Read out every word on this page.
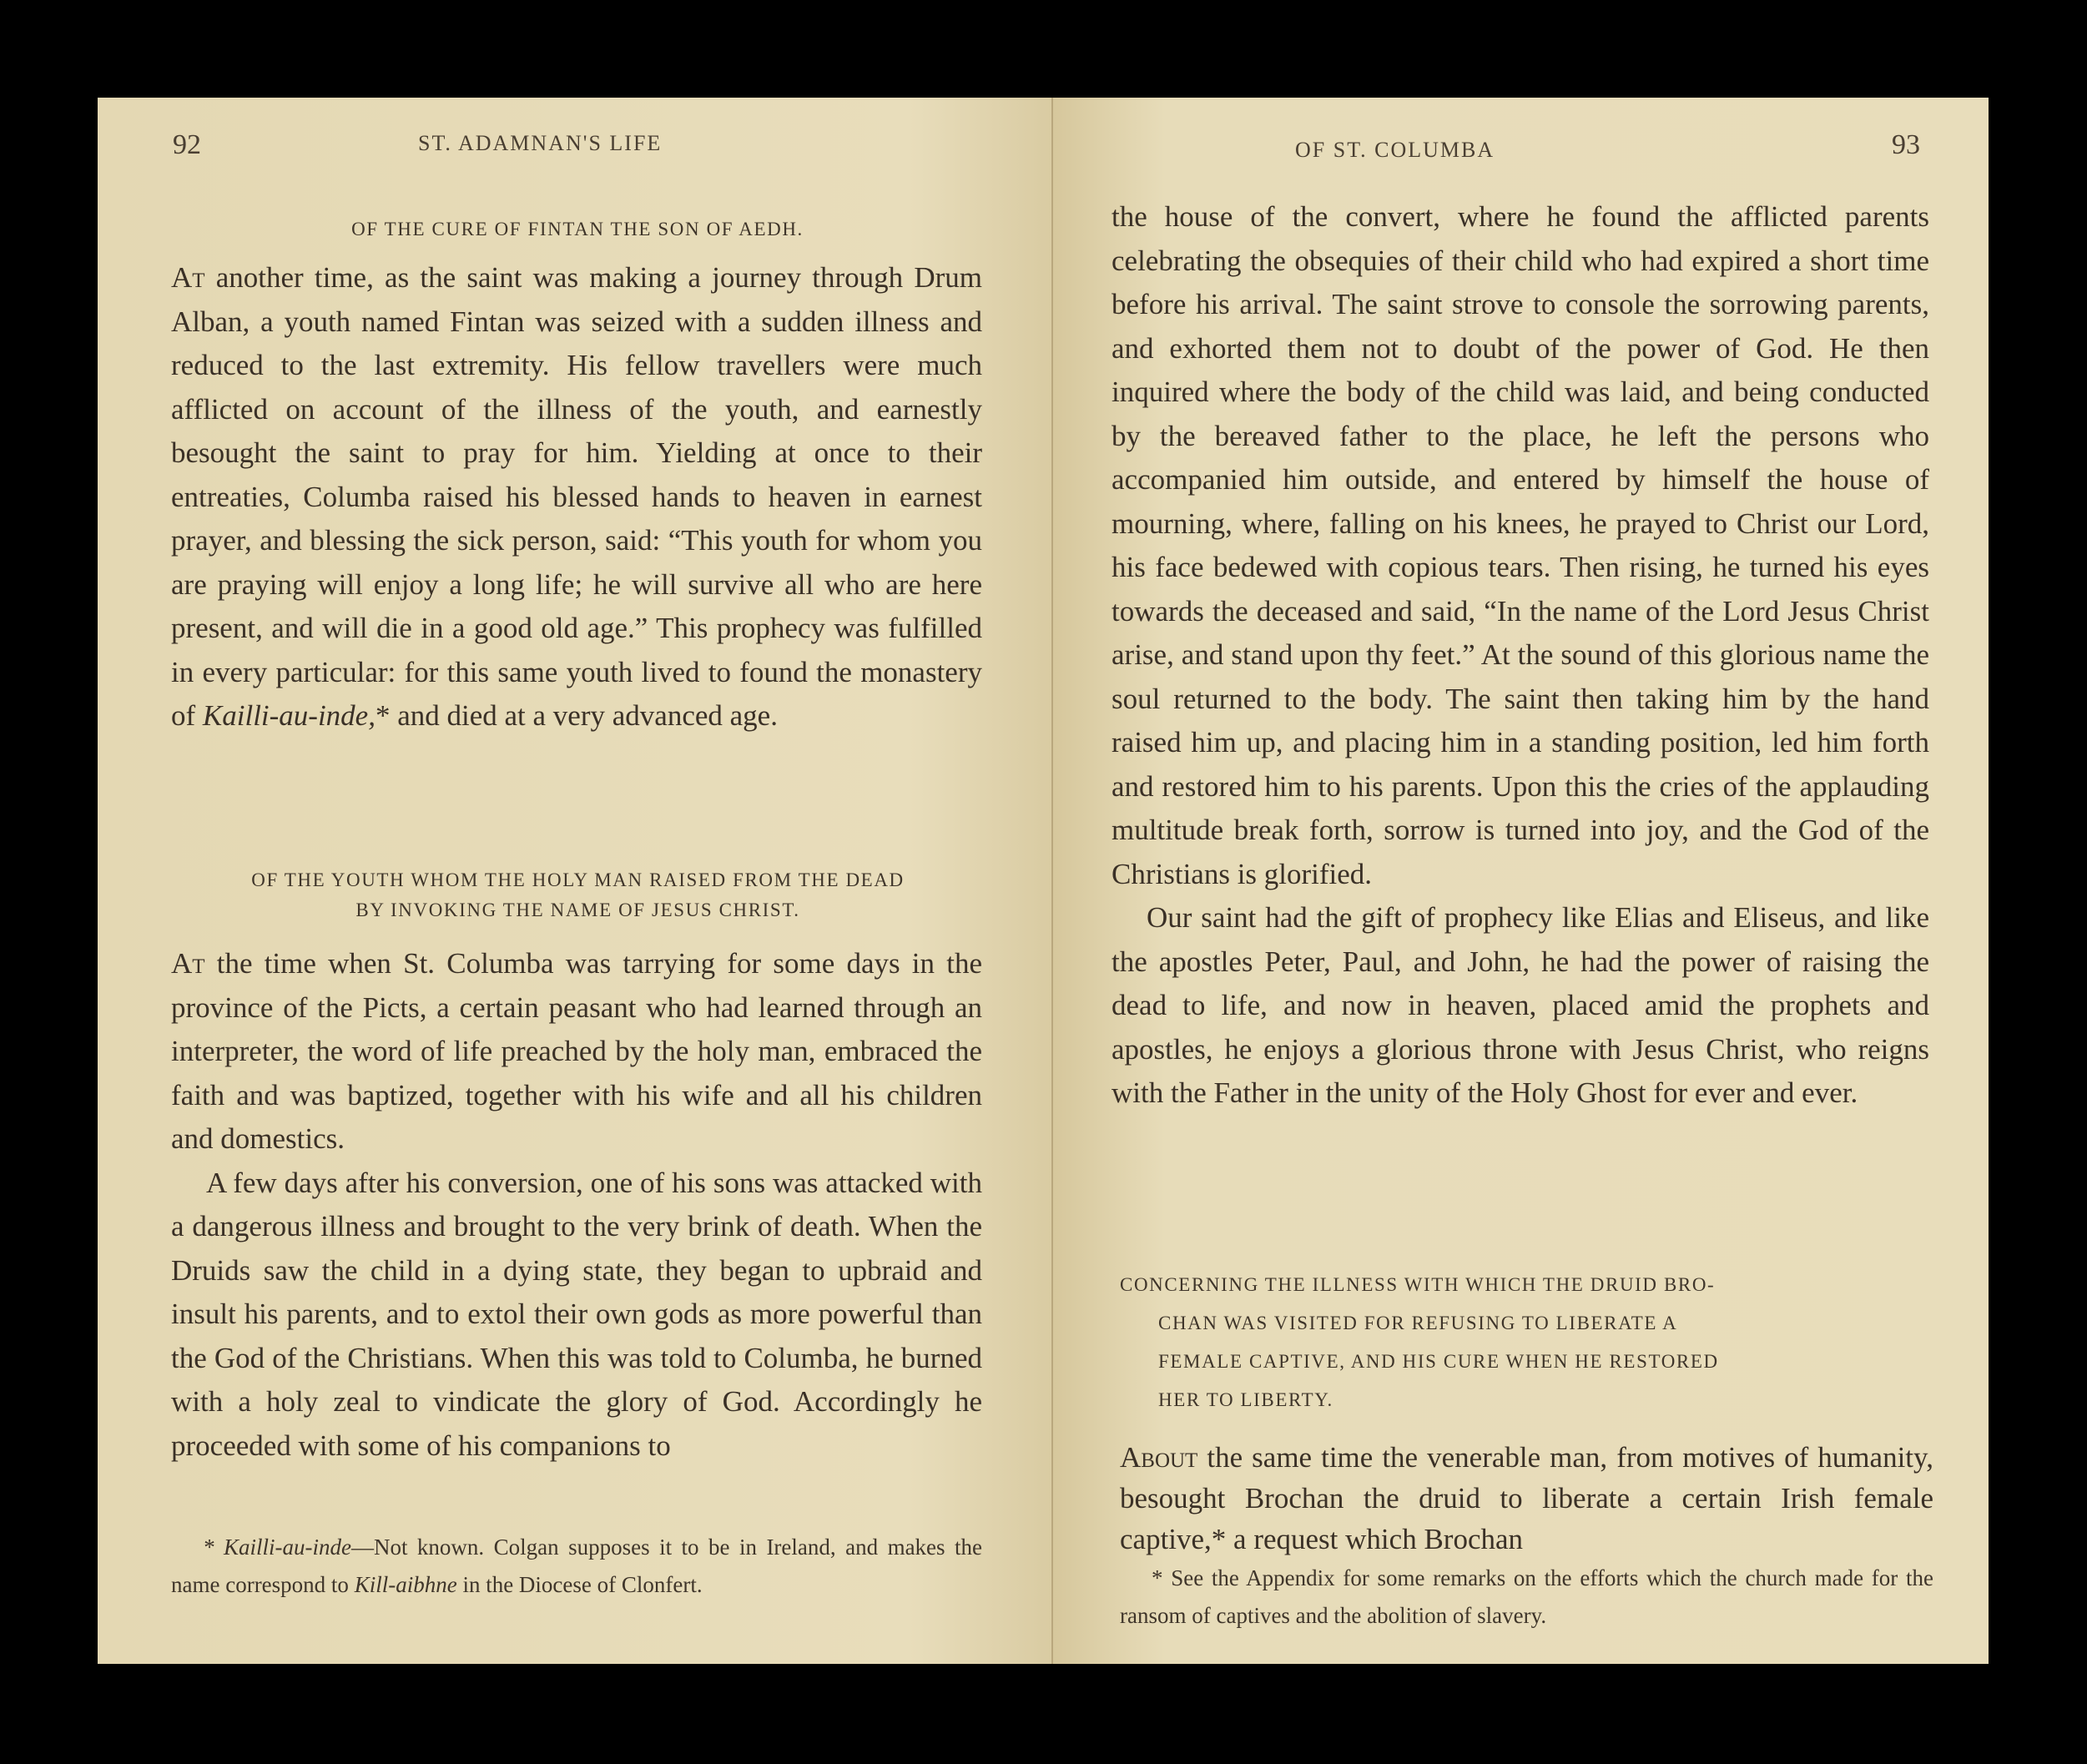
92	ST. ADAMNAN'S LIFE
OF THE CURE OF FINTAN THE SON OF AEDH.

At another time, as the saint was making a journey through Drum Alban, a youth named Fintan was seized with a sudden illness and reduced to the last extremity. His fellow travellers were much afflicted on account of the illness of the youth, and earnestly besought the saint to pray for him. Yielding at once to their entreaties, Columba raised his blessed hands to heaven in earnest prayer, and blessing the sick person, said: “This youth for whom you are praying will enjoy a long life; he will survive all who are here present, and will die in a good old age.” This prophecy was fulfilled in every particular: for this same youth lived to found the monastery of Kailli-au-inde,* and died at a very advanced age.

OF THE YOUTH WHOM THE HOLY MAN RAISED FROM THE DEAD
BY INVOKING THE NAME OF JESUS CHRIST.

At the time when St. Columba was tarrying for some days in the province of the Picts, a certain peasant who had learned through an interpreter, the word of life preached by the holy man, embraced the faith and was baptized, together with his wife and all his children and domestics.

A few days after his conversion, one of his sons was attacked with a dangerous illness and brought to the very brink of death. When the Druids saw the child in a dying state, they began to upbraid and insult his parents, and to extol their own gods as more powerful than the God of the Christians. When this was told to Columba, he burned with a holy zeal to vindicate the glory of God. Accordingly he proceeded with some of his companions to

* Kailli-au-inde—Not known. Colgan supposes it to be in Ireland, and makes the name correspond to Kill-aibhne in the Diocese of Clonfert.
OF ST. COLUMBA	93

the house of the convert, where he found the afflicted parents celebrating the obsequies of their child who had expired a short time before his arrival. The saint strove to console the sorrowing parents, and exhorted them not to doubt of the power of God. He then inquired where the body of the child was laid, and being conducted by the bereaved father to the place, he left the persons who accompanied him outside, and entered by himself the house of mourning, where, falling on his knees, he prayed to Christ our Lord, his face bedewed with copious tears. Then rising, he turned his eyes towards the deceased and said, “In the name of the Lord Jesus Christ arise, and stand upon thy feet.” At the sound of this glorious name the soul returned to the body. The saint then taking him by the hand raised him up, and placing him in a standing position, led him forth and restored him to his parents. Upon this the cries of the applauding multitude break forth, sorrow is turned into joy, and the God of the Christians is glorified.

Our saint had the gift of prophecy like Elias and Eliseus, and like the apostles Peter, Paul, and John, he had the power of raising the dead to life, and now in heaven, placed amid the prophets and apostles, he enjoys a glorious throne with Jesus Christ, who reigns with the Father in the unity of the Holy Ghost for ever and ever.

CONCERNING THE ILLNESS WITH WHICH THE DRUID BRO-
CHAN WAS VISITED FOR REFUSING TO LIBERATE A
FEMALE CAPTIVE, AND HIS CURE WHEN HE RESTORED
HER TO LIBERTY.

About the same time the venerable man, from motives of humanity, besought Brochan the druid to liberate a certain Irish female captive,* a request which Brochan

* See the Appendix for some remarks on the efforts which the church made for the ransom of captives and the abolition of slavery.
